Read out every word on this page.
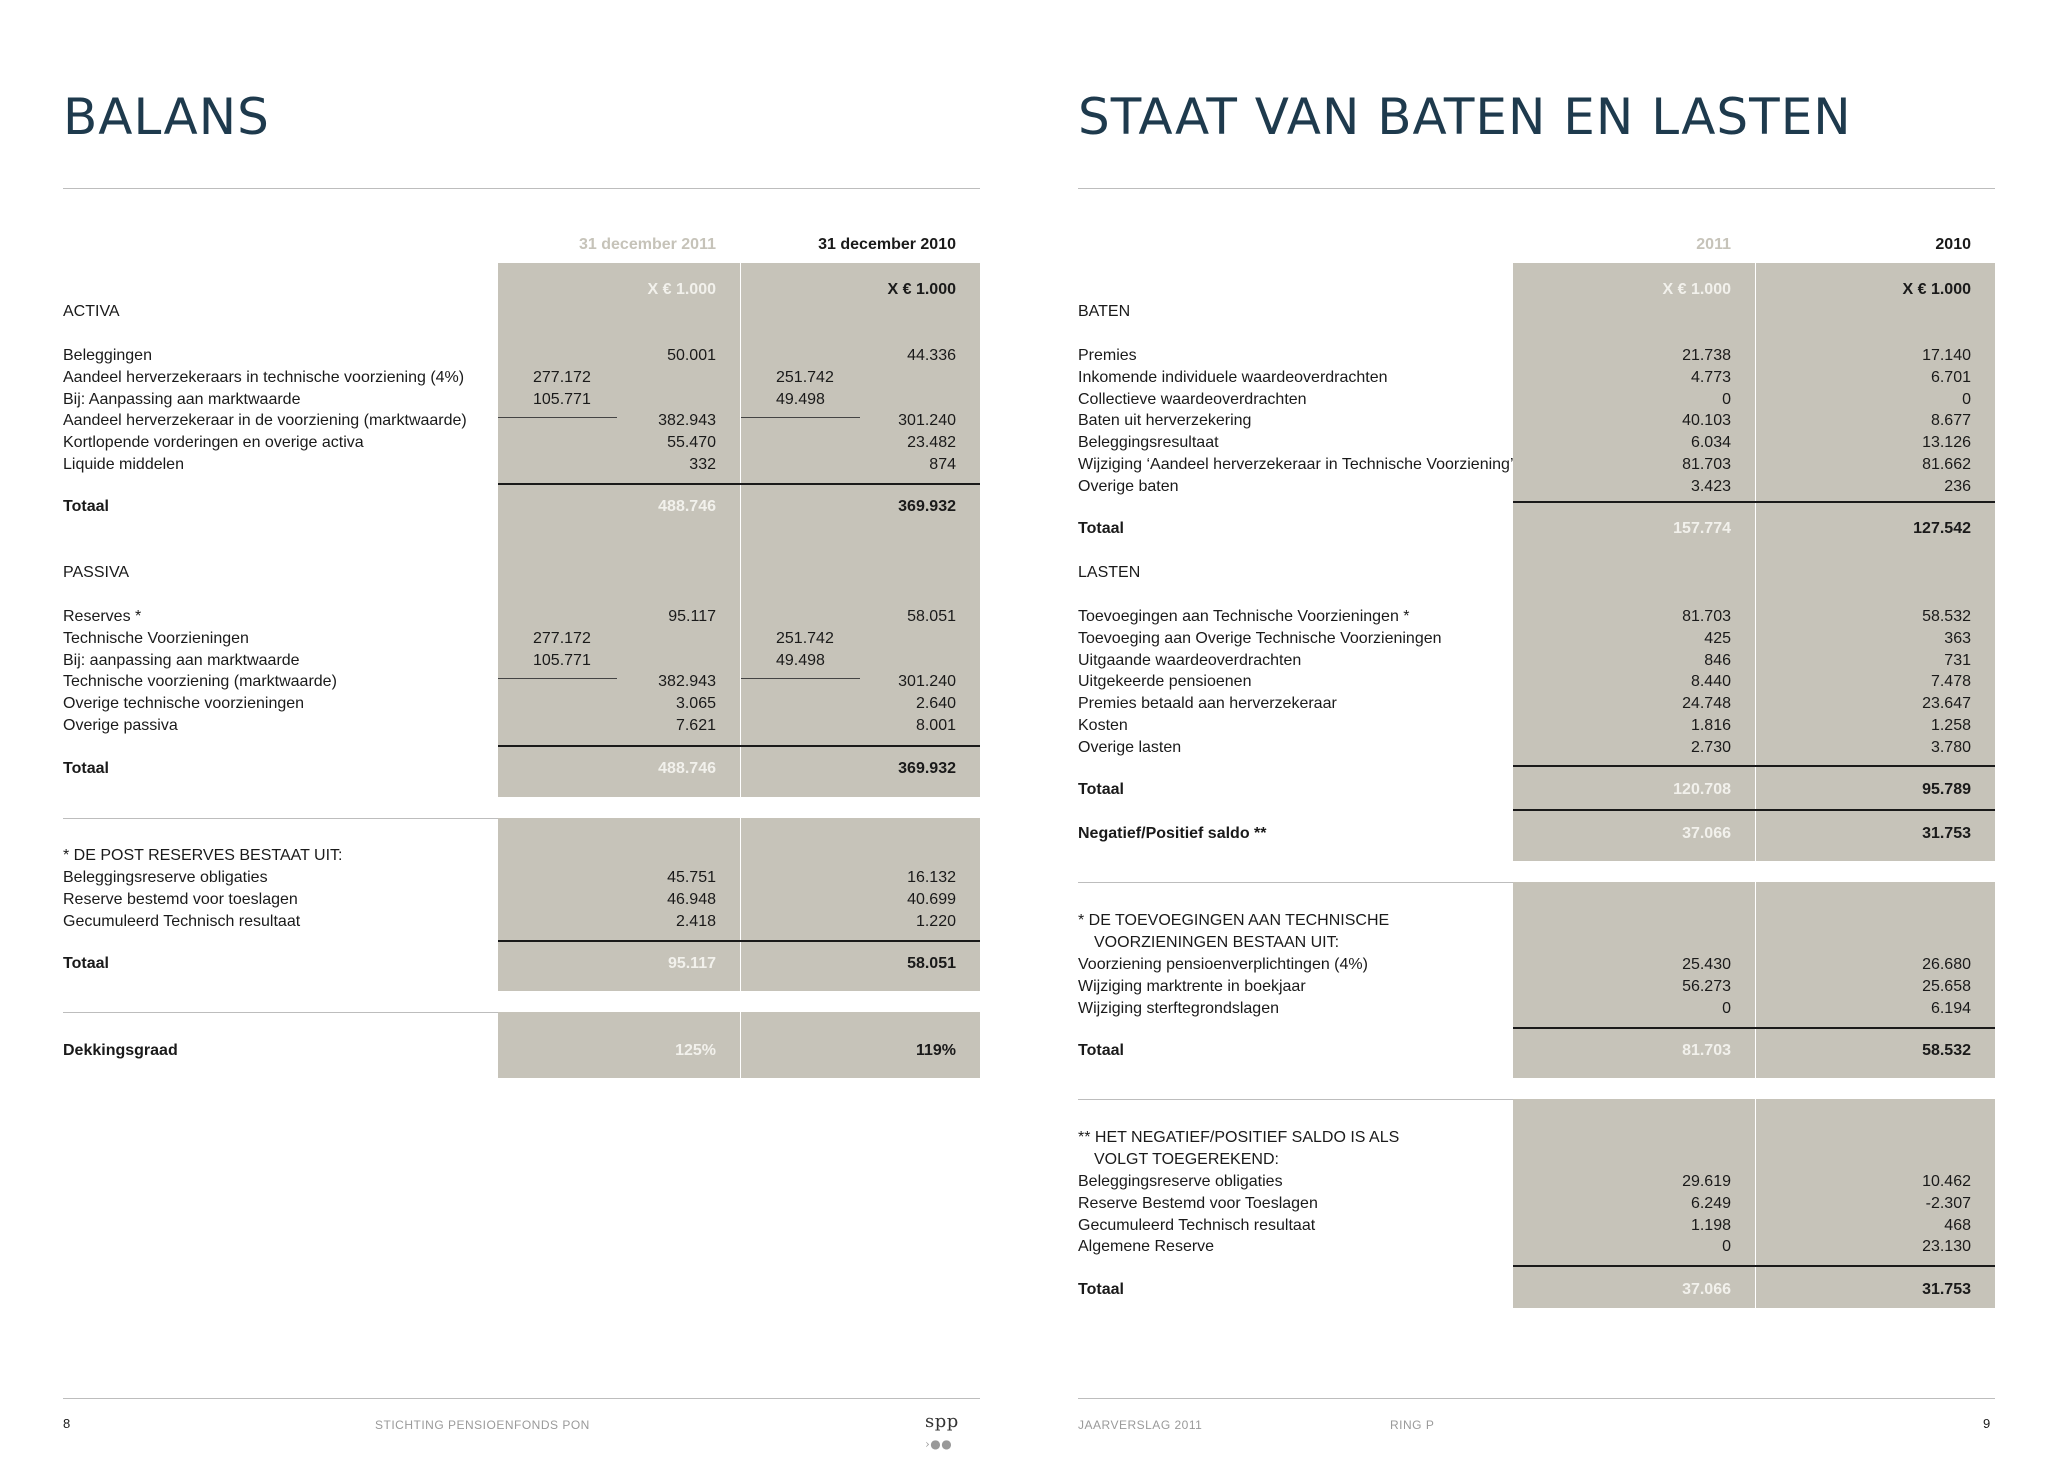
BALANS
31 december 2011	31 december 2010
X € 1.000	X € 1.000
ACTIVA
Beleggingen	50.001	44.336
Aandeel herverzekeraars in technische voorziening (4%)	277.172	251.742
Bij: Aanpassing aan marktwaarde	105.771	49.498
Aandeel herverzekeraar in de voorziening (marktwaarde)	382.943	301.240
Kortlopende vorderingen en overige activa	55.470	23.482
Liquide middelen	332	874
Totaal	488.746	369.932
PASSIVA
Reserves *	95.117	58.051
Technische Voorzieningen	277.172	251.742
Bij: aanpassing aan marktwaarde	105.771	49.498
Technische voorziening (marktwaarde)	382.943	301.240
Overige technische voorzieningen	3.065	2.640
Overige passiva	7.621	8.001
Totaal	488.746	369.932
* DE POST RESERVES BESTAAT UIT:
Beleggingsreserve obligaties	45.751	16.132
Reserve bestemd voor toeslagen	46.948	40.699
Gecumuleerd Technisch resultaat	2.418	1.220
Totaal	95.117	58.051
Dekkingsgraad	125%	119%
8	STICHTING PENSIOENFONDS PON	spp ›●●
STAAT VAN BATEN EN LASTEN
2011	2010
X € 1.000	X € 1.000
BATEN
Premies	21.738	17.140
Inkomende individuele waardeoverdrachten	4.773	6.701
Collectieve waardeoverdrachten	0	0
Baten uit herverzekering	40.103	8.677
Beleggingsresultaat	6.034	13.126
Wijziging ‘Aandeel herverzekeraar in Technische Voorziening’	81.703	81.662
Overige baten	3.423	236
Totaal	157.774	127.542
LASTEN
Toevoegingen aan Technische Voorzieningen *	81.703	58.532
Toevoeging aan Overige Technische Voorzieningen	425	363
Uitgaande waardeoverdrachten	846	731
Uitgekeerde pensioenen	8.440	7.478
Premies betaald aan herverzekeraar	24.748	23.647
Kosten	1.816	1.258
Overige lasten	2.730	3.780
Totaal	120.708	95.789
Negatief/Positief saldo **	37.066	31.753
* DE TOEVOEGINGEN AAN TECHNISCHE
VOORZIENINGEN BESTAAN UIT:
Voorziening pensioenverplichtingen (4%)	25.430	26.680
Wijziging marktrente in boekjaar	56.273	25.658
Wijziging sterftegrondslagen	0	6.194
Totaal	81.703	58.532
** HET NEGATIEF/POSITIEF SALDO IS ALS
VOLGT TOEGEREKEND:
Beleggingsreserve obligaties	29.619	10.462
Reserve Bestemd voor Toeslagen	6.249	-2.307
Gecumuleerd Technisch resultaat	1.198	468
Algemene Reserve	0	23.130
Totaal	37.066	31.753
JAARVERSLAG 2011	RING P	9
